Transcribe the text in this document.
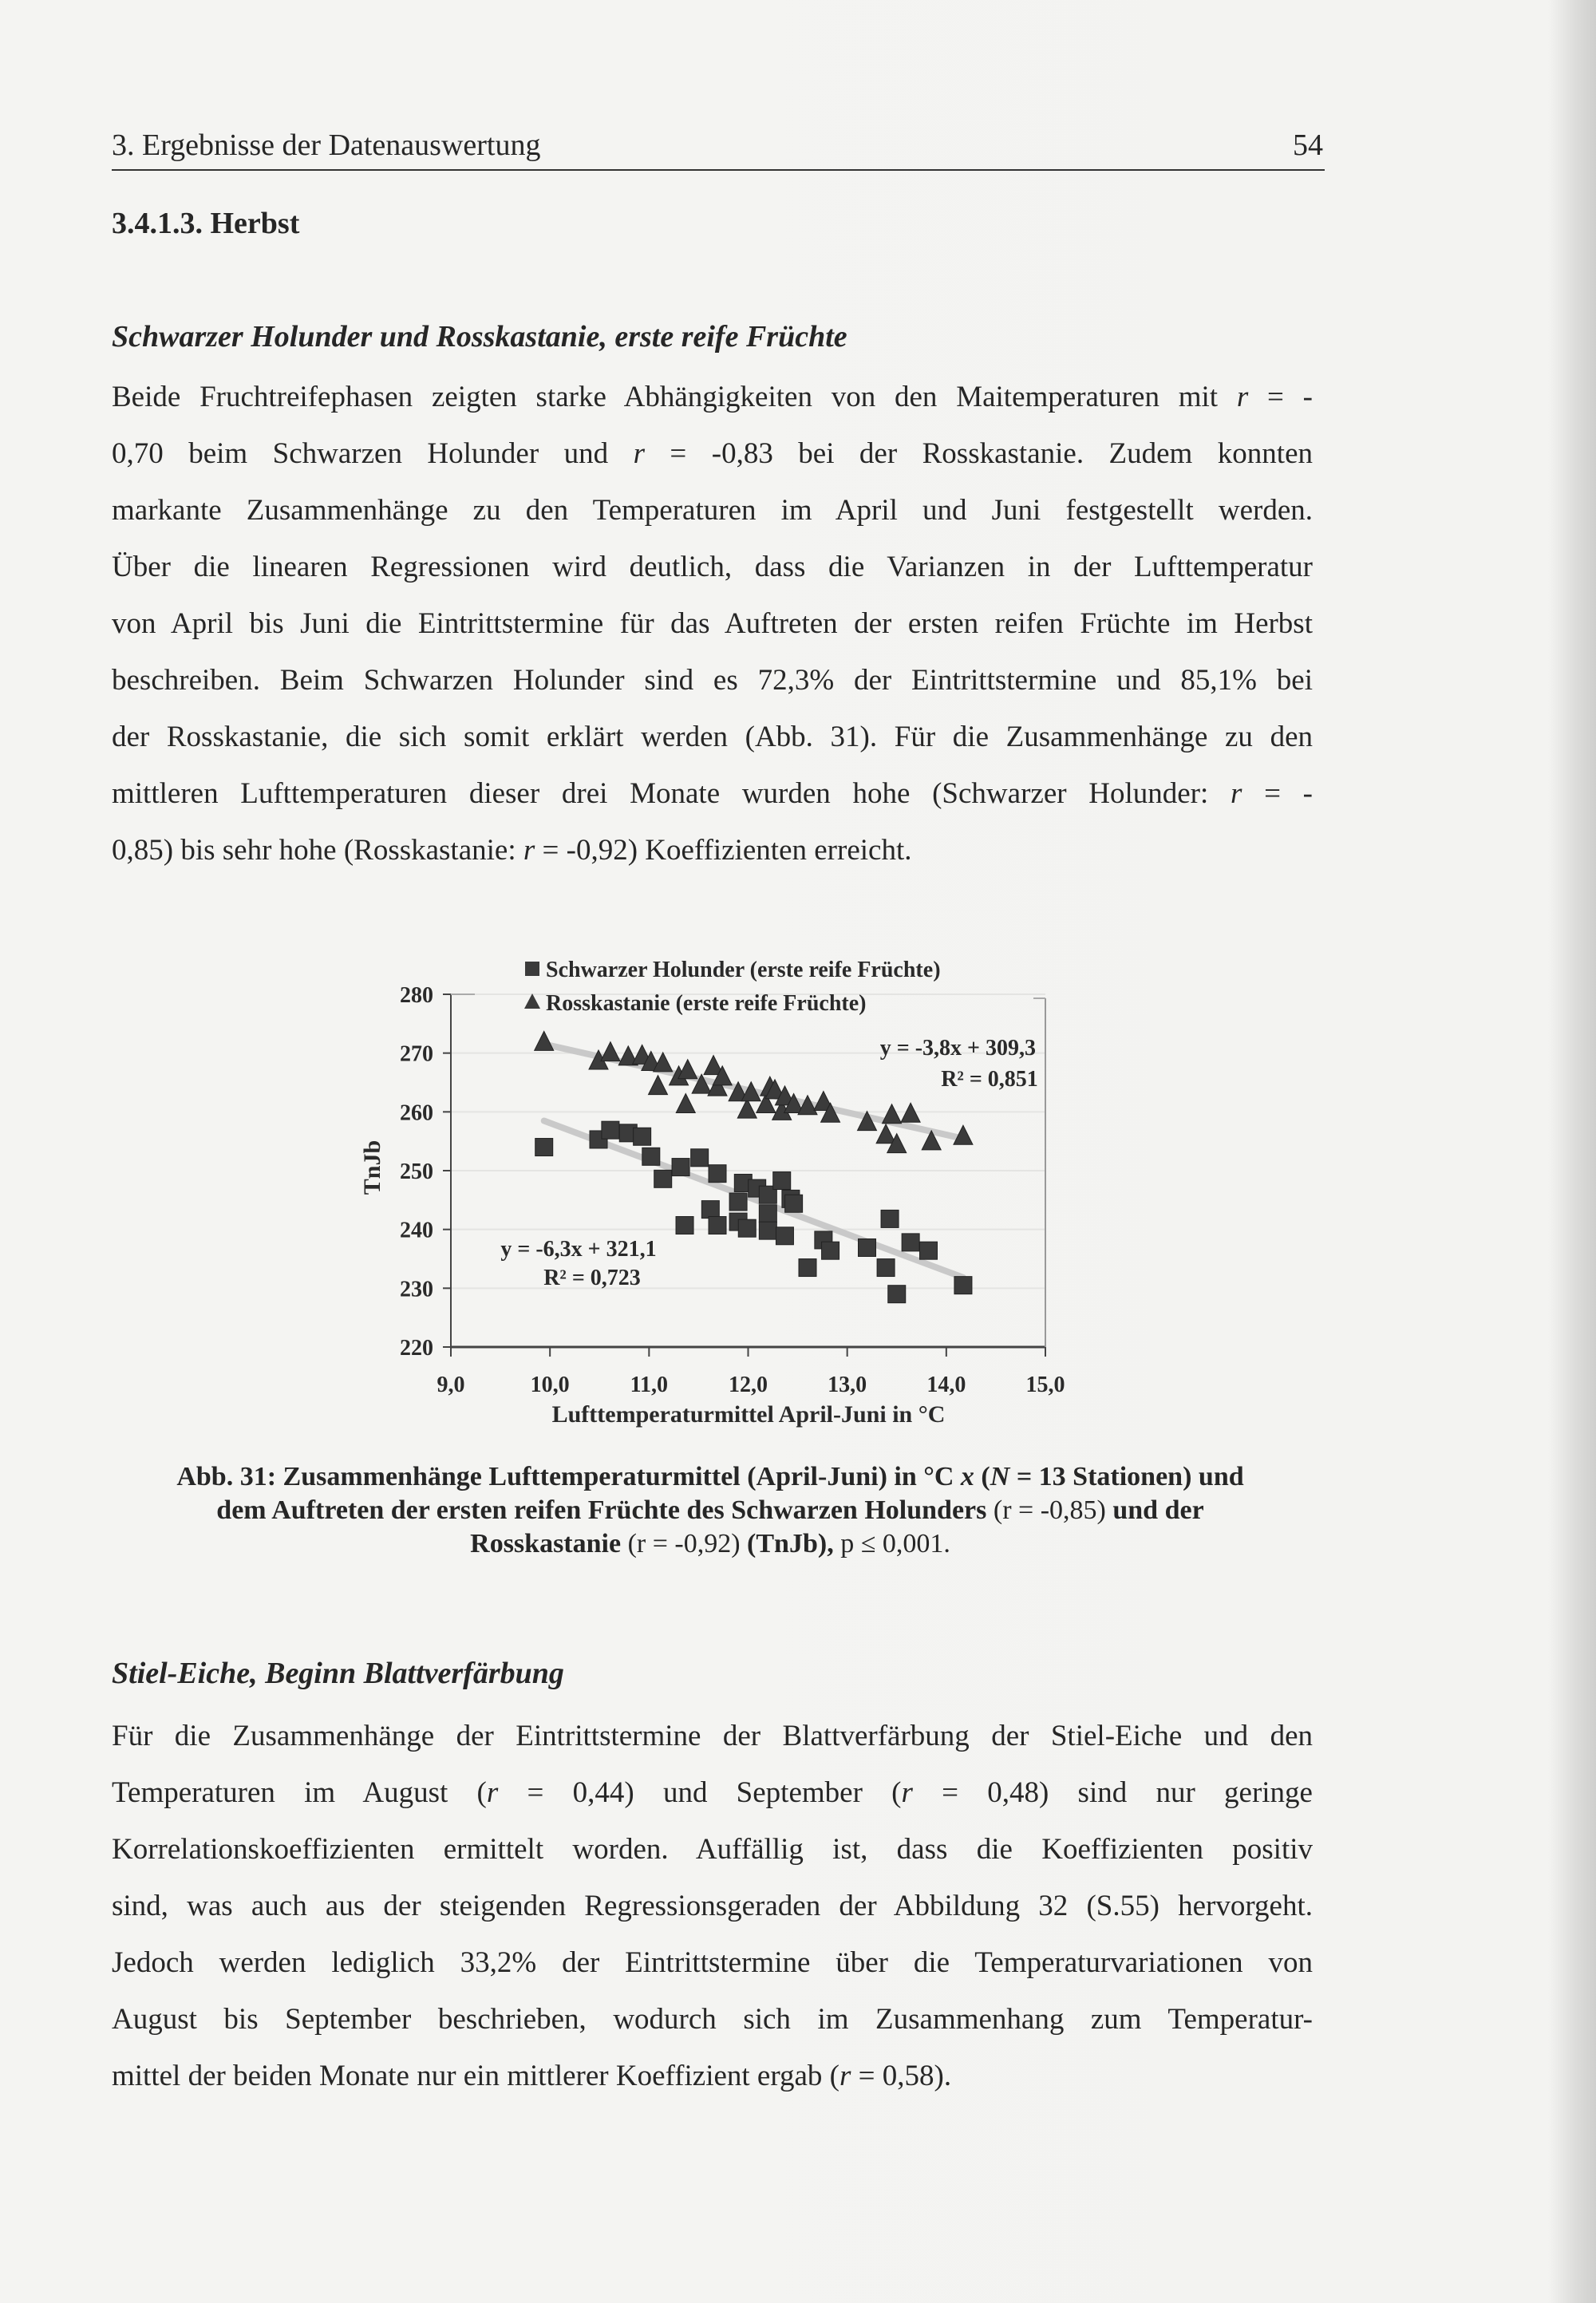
3. Ergebnisse der Datenauswertung	54
3.4.1.3. Herbst
Schwarzer Holunder und Rosskastanie, erste reife Früchte
Beide Fruchtreifephasen zeigten starke Abhängigkeiten von den Maitemperaturen mit r = -
0,70 beim Schwarzen Holunder und r = -0,83 bei der Rosskastanie. Zudem konnten
markante Zusammenhänge zu den Temperaturen im April und Juni festgestellt werden.
Über die linearen Regressionen wird deutlich, dass die Varianzen in der Lufttemperatur
von April bis Juni die Eintrittstermine für das Auftreten der ersten reifen Früchte im Herbst
beschreiben. Beim Schwarzen Holunder sind es 72,3% der Eintrittstermine und 85,1% bei
der Rosskastanie, die sich somit erklärt werden (Abb. 31). Für die Zusammenhänge zu den
mittleren Lufttemperaturen dieser drei Monate wurden hohe (Schwarzer Holunder: r = -
0,85) bis sehr hohe (Rosskastanie: r = -0,92) Koeffizienten erreicht.
220
230
240
250
260
270
280
9,0	10,0	11,0	12,0	13,0	14,0	15,0
Lufttemperaturmittel April-Juni in °C
TnJb
Schwarzer Holunder (erste reife Früchte)
Rosskastanie (erste reife Früchte)
y = -3,8x + 309,3
R² = 0,851
y = -6,3x + 321,1
R² = 0,723
Abb. 31: Zusammenhänge Lufttemperaturmittel (April-Juni) in °C x (N = 13 Stationen) und
dem Auftreten der ersten reifen Früchte des Schwarzen Holunders (r = -0,85) und der
Rosskastanie (r = -0,92) (TnJb), p ≤ 0,001.
Stiel-Eiche, Beginn Blattverfärbung
Für die Zusammenhänge der Eintrittstermine der Blattverfärbung der Stiel-Eiche und den
Temperaturen im August (r = 0,44) und September (r = 0,48) sind nur geringe
Korrelationskoeffizienten ermittelt worden. Auffällig ist, dass die Koeffizienten positiv
sind, was auch aus der steigenden Regressionsgeraden der Abbildung 32 (S.55) hervorgeht.
Jedoch werden lediglich 33,2% der Eintrittstermine über die Temperaturvariationen von
August bis September beschrieben, wodurch sich im Zusammenhang zum Temperatur-
mittel der beiden Monate nur ein mittlerer Koeffizient ergab (r = 0,58).
